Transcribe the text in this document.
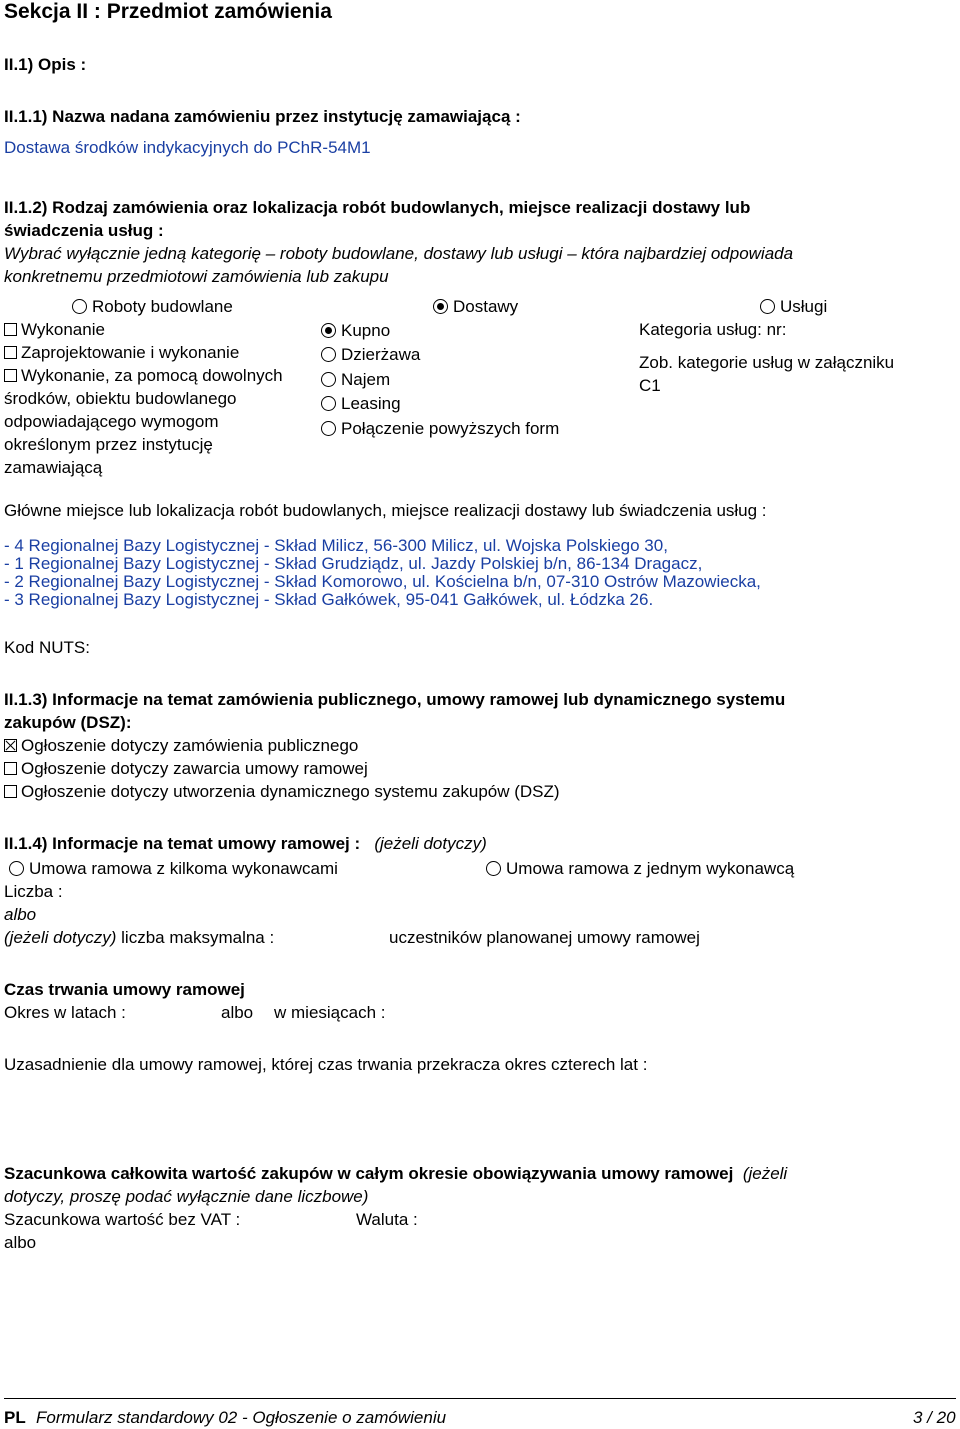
Sekcja II : Przedmiot zamówienia
II.1) Opis :
II.1.1) Nazwa nadana zamówieniu przez instytucję zamawiającą :
Dostawa środków indykacyjnych do PChR-54M1
II.1.2) Rodzaj zamówienia oraz lokalizacja robót budowlanych, miejsce realizacji dostawy lub
świadczenia usług :
Wybrać wyłącznie jedną kategorię – roboty budowlane, dostawy lub usługi – która najbardziej odpowiada
konkretnemu przedmiotowi zamówienia lub zakupu
Roboty budowlane	Dostawy	Usługi
Wykonanie
Zaprojektowanie i wykonanie
Wykonanie, za pomocą dowolnych
środków, obiektu budowlanego
odpowiadającego wymogom
określonym przez instytucję
zamawiającą
Kupno
Dzierżawa
Najem
Leasing
Połączenie powyższych form
Kategoria usług: nr:
Zob. kategorie usług w załączniku
C1
Główne miejsce lub lokalizacja robót budowlanych, miejsce realizacji dostawy lub świadczenia usług :
- 4 Regionalnej Bazy Logistycznej - Skład Milicz, 56-300 Milicz, ul. Wojska Polskiego 30,
- 1 Regionalnej Bazy Logistycznej - Skład Grudziądz, ul. Jazdy Polskiej b/n, 86-134 Dragacz,
- 2 Regionalnej Bazy Logistycznej - Skład Komorowo, ul. Kościelna b/n, 07-310 Ostrów Mazowiecka,
- 3 Regionalnej Bazy Logistycznej - Skład Gałkówek, 95-041 Gałkówek, ul. Łódzka 26.
Kod NUTS:
II.1.3) Informacje na temat zamówienia publicznego, umowy ramowej lub dynamicznego systemu
zakupów (DSZ):
Ogłoszenie dotyczy zamówienia publicznego
Ogłoszenie dotyczy zawarcia umowy ramowej
Ogłoszenie dotyczy utworzenia dynamicznego systemu zakupów (DSZ)
II.1.4) Informacje na temat umowy ramowej : (jeżeli dotyczy)
Umowa ramowa z kilkoma wykonawcami	Umowa ramowa z jednym wykonawcą
Liczba :
albo
(jeżeli dotyczy) liczba maksymalna :	uczestników planowanej umowy ramowej
Czas trwania umowy ramowej
Okres w latach :	albo w miesiącach :
Uzasadnienie dla umowy ramowej, której czas trwania przekracza okres czterech lat :
Szacunkowa całkowita wartość zakupów w całym okresie obowiązywania umowy ramowej (jeżeli
dotyczy, proszę podać wyłącznie dane liczbowe)
Szacunkowa wartość bez VAT :	Waluta :
albo
PL Formularz standardowy 02 - Ogłoszenie o zamówieniu	3 / 20
